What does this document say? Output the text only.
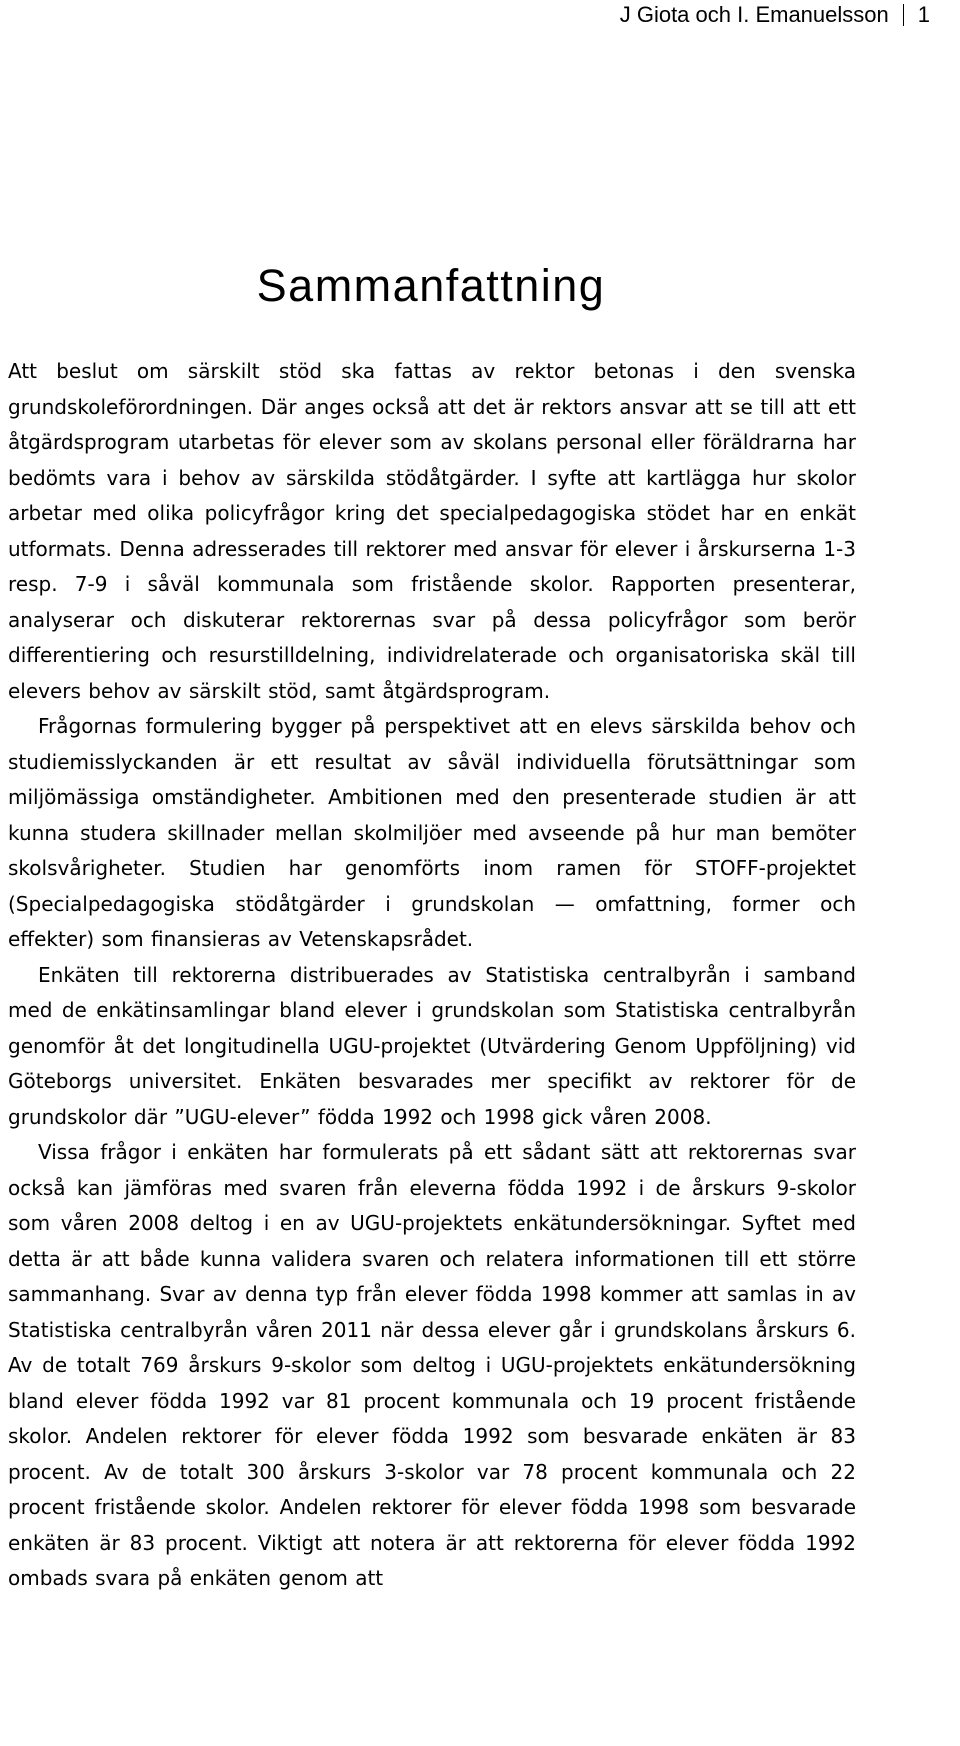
J Giota och I. Emanuelsson 1
Sammanfattning

Att beslut om särskilt stöd ska fattas av rektor betonas i den svenska grundskoleförordningen. Där anges också att det är rektors ansvar att se till att ett åtgärdsprogram utarbetas för elever som av skolans personal eller föräldrarna har bedömts vara i behov av särskilda stödåtgärder. I syfte att kartlägga hur skolor arbetar med olika policyfrågor kring det specialpedagogiska stödet har en enkät utformats. Denna adresserades till rektorer med ansvar för elever i årskurserna 1-3 resp. 7-9 i såväl kommunala som fristående skolor. Rapporten presenterar, analyserar och diskuterar rektorernas svar på dessa policyfrågor som berör differentiering och resurstilldelning, individrelaterade och organisatoriska skäl till elevers behov av särskilt stöd, samt åtgärdsprogram.

Frågornas formulering bygger på perspektivet att en elevs särskilda behov och studiemisslyckanden är ett resultat av såväl individuella förutsättningar som miljömässiga omständigheter. Ambitionen med den presenterade studien är att kunna studera skillnader mellan skolmiljöer med avseende på hur man bemöter skolsvårigheter. Studien har genomförts inom ramen för STOFF-projektet (Specialpedagogiska stödåtgärder i grundskolan — omfattning, former och effekter) som finansieras av Vetenskapsrådet.

Enkäten till rektorerna distribuerades av Statistiska centralbyrån i samband med de enkätinsamlingar bland elever i grundskolan som Statistiska centralbyrån genomför åt det longitudinella UGU-projektet (Utvärdering Genom Uppföljning) vid Göteborgs universitet. Enkäten besvarades mer specifikt av rektorer för de grundskolor där ”UGU-elever” födda 1992 och 1998 gick våren 2008.

Vissa frågor i enkäten har formulerats på ett sådant sätt att rektorernas svar också kan jämföras med svaren från eleverna födda 1992 i de årskurs 9-skolor som våren 2008 deltog i en av UGU-projektets enkätundersökningar. Syftet med detta är att både kunna validera svaren och relatera informationen till ett större sammanhang. Svar av denna typ från elever födda 1998 kommer att samlas in av Statistiska centralbyrån våren 2011 när dessa elever går i grundskolans årskurs 6. Av de totalt 769 årskurs 9-skolor som deltog i UGU-projektets enkätundersökning bland elever födda 1992 var 81 procent kommunala och 19 procent fristående skolor. Andelen rektorer för elever födda 1992 som besvarade enkäten är 83 procent. Av de totalt 300 årskurs 3-skolor var 78 procent kommunala och 22 procent fristående skolor. Andelen rektorer för elever födda 1998 som besvarade enkäten är 83 procent. Viktigt att notera är att rektorerna för elever födda 1992 ombads svara på enkäten genom att
